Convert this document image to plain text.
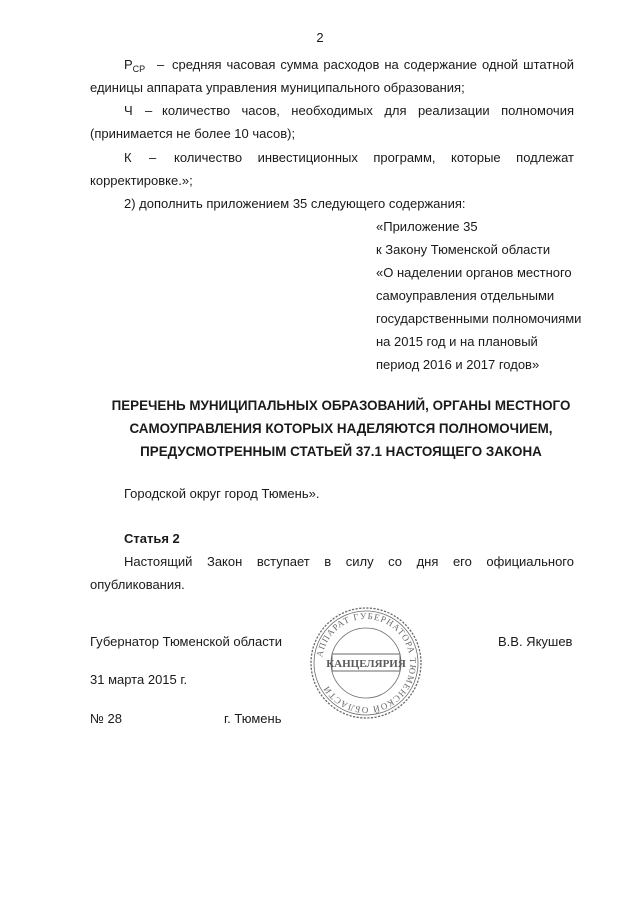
2
$P_{CP}$ – средняя часовая сумма расходов на содержание одной штатной
единицы аппарата управления муниципального образования;
Ч – количество часов, необходимых для реализации полномочия
(принимается не более 10 часов);
К – количество инвестиционных программ, которые подлежат
корректировке.»;
2) дополнить приложением 35 следующего содержания:
«Приложение 35
к Закону Тюменской области
«О наделении органов местного
самоуправления отдельными
государственными полномочиями
на 2015 год и на плановый
период 2016 и 2017 годов»
ПЕРЕЧЕНЬ МУНИЦИПАЛЬНЫХ ОБРАЗОВАНИЙ, ОРГАНЫ МЕСТНОГО
САМОУПРАВЛЕНИЯ КОТОРЫХ НАДЕЛЯЮТСЯ ПОЛНОМОЧИЕМ,
ПРЕДУСМОТРЕННЫМ СТАТЬЕЙ 37.1 НАСТОЯЩЕГО ЗАКОНА
Городской округ город Тюмень».
Статья 2
Настоящий Закон вступает в силу со дня его официального
опубликования.
Губернатор Тюменской области	В.В. Якушев
31 марта 2015 г.
№ 28	г. Тюмень
АППАРАТ ГУБЕРНАТОРА ТЮМЕНСКОЙ ОБЛАСТИ
КАНЦЕЛЯРИЯ
